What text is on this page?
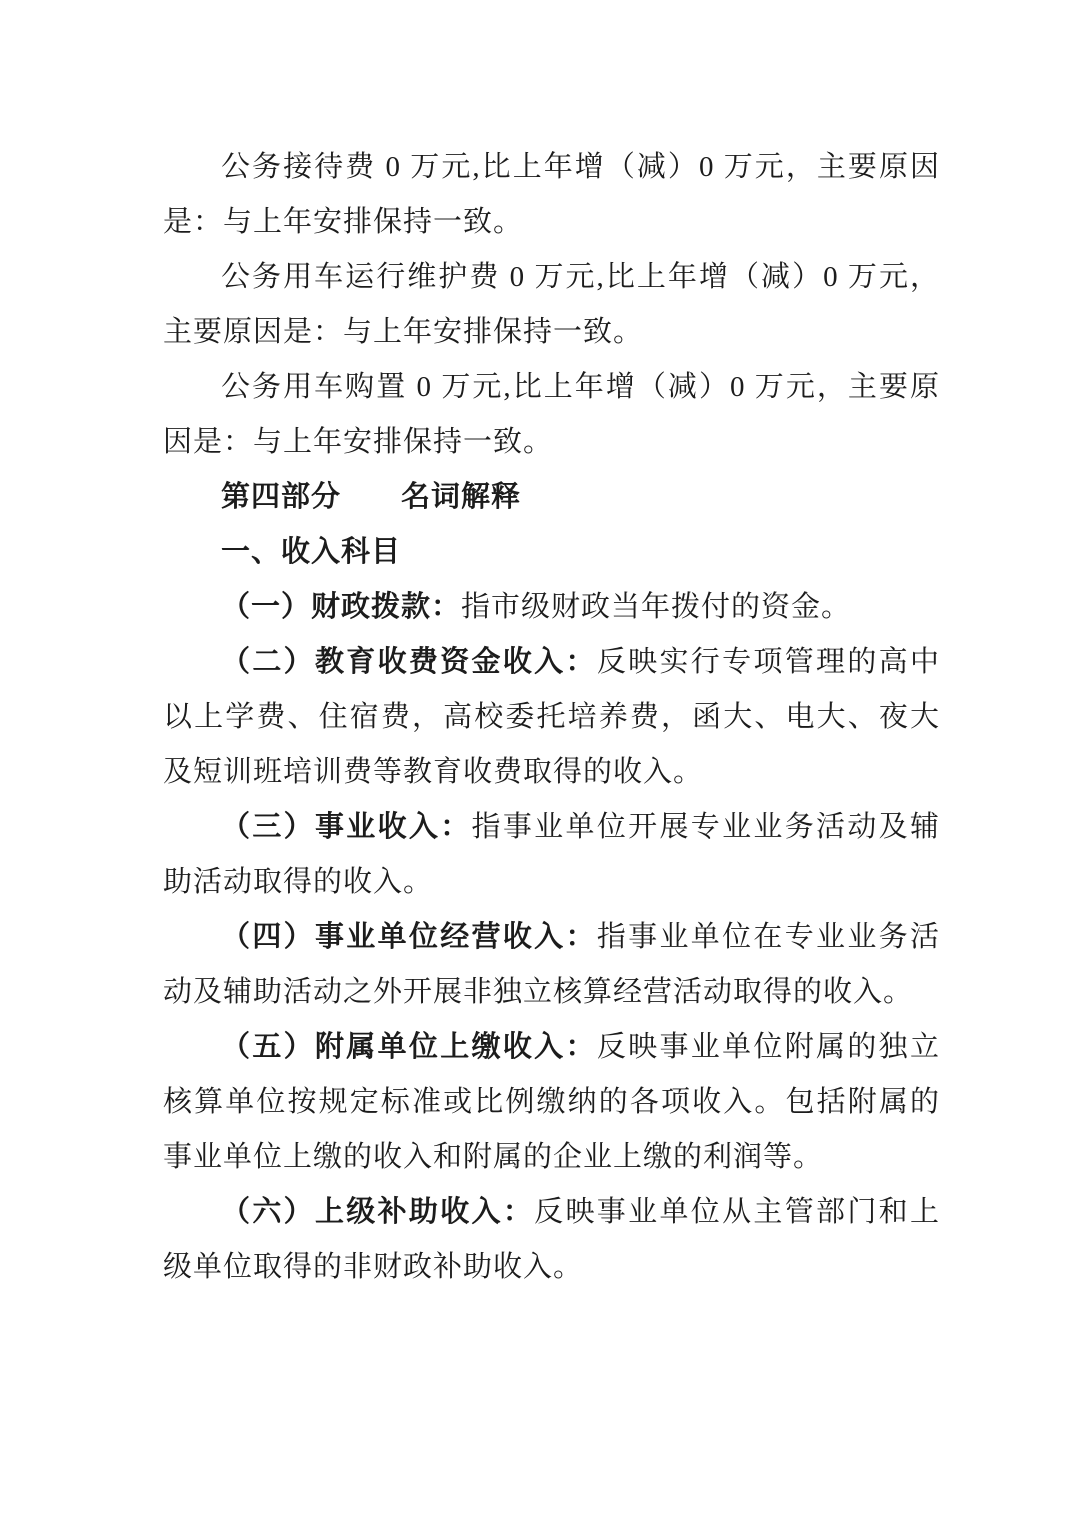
公务接待费 0 万元,比上年增（减）0 万元，主要原因是：与上年安排保持一致。

公务用车运行维护费 0 万元,比上年增（减）0 万元，主要原因是：与上年安排保持一致。

公务用车购置 0 万元,比上年增（减）0 万元，主要原因是：与上年安排保持一致。

第四部分　　名词解释

一、收入科目

（一）财政拨款：指市级财政当年拨付的资金。

（二）教育收费资金收入：反映实行专项管理的高中以上学费、住宿费，高校委托培养费，函大、电大、夜大及短训班培训费等教育收费取得的收入。

（三）事业收入：指事业单位开展专业业务活动及辅助活动取得的收入。

（四）事业单位经营收入：指事业单位在专业业务活动及辅助活动之外开展非独立核算经营活动取得的收入。

（五）附属单位上缴收入：反映事业单位附属的独立核算单位按规定标准或比例缴纳的各项收入。包括附属的事业单位上缴的收入和附属的企业上缴的利润等。

（六）上级补助收入：反映事业单位从主管部门和上级单位取得的非财政补助收入。
